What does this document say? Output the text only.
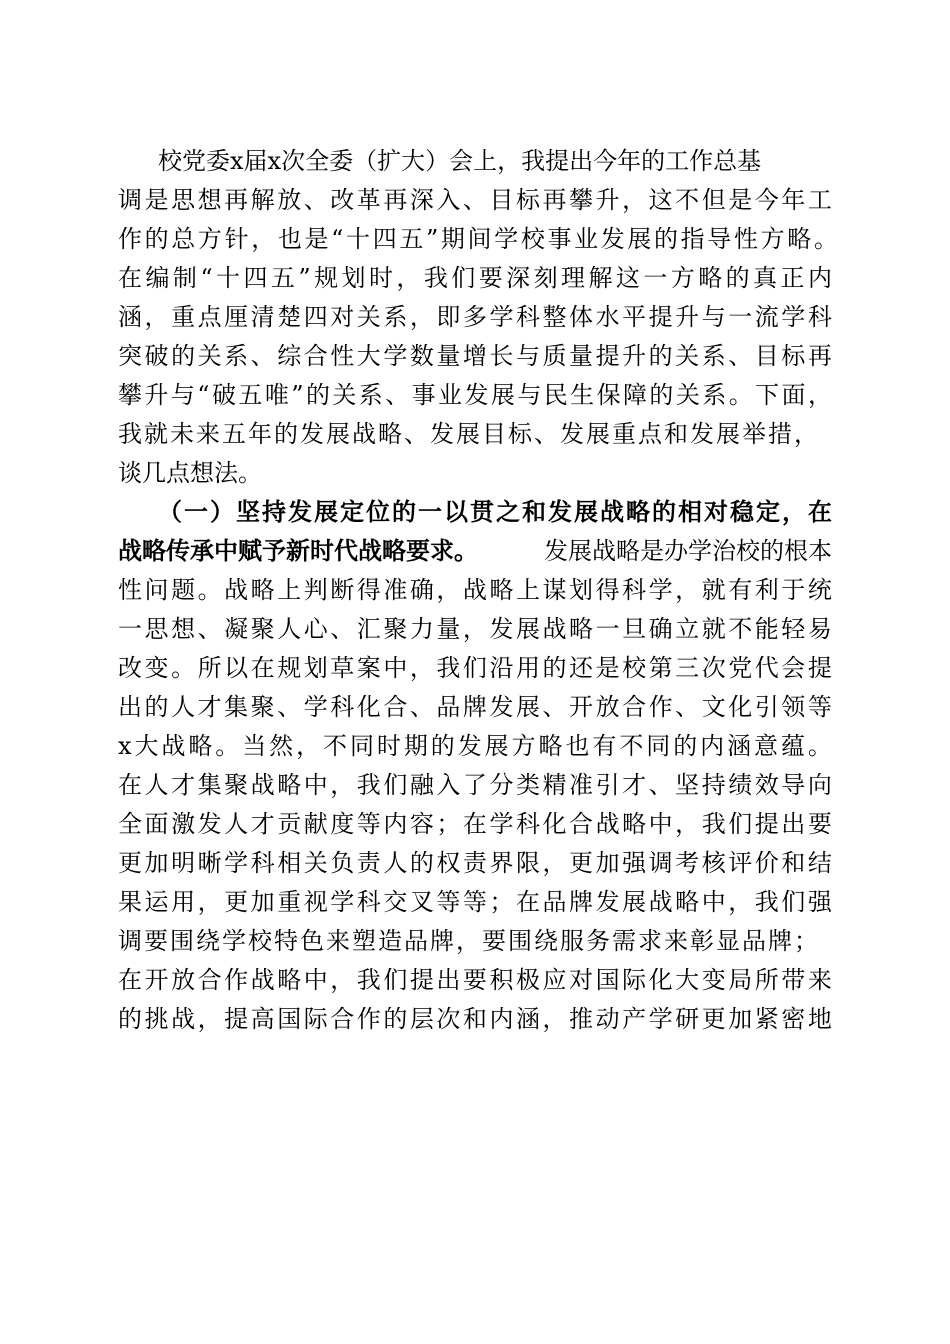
校党委x届x次全委（扩大）会上，我提出今年的工作总基
调 是 思 想 再 解 放 、 改 革 再 深 入 、 目 标 再 攀 升 ， 这 不 但 是 今 年 工
作 的 总 方 针 ， 也 是 “ 十 四 五 ” 期 间 学 校 事 业 发 展 的 指 导 性 方 略 。
在 编 制 “ 十 四 五 ” 规 划 时 ， 我 们 要 深 刻 理 解 这 一 方 略 的 真 正 内
涵 ， 重 点 厘 清 楚 四 对 关 系 ， 即 多 学 科 整 体 水 平 提 升 与 一 流 学 科
突 破 的 关 系 、 综 合 性 大 学 数 量 增 长 与 质 量 提 升 的 关 系 、 目 标 再
攀 升 与 “ 破 五 唯 ” 的 关 系 、 事 业 发 展 与 民 生 保 障 的 关 系 。 下 面 ，
我 就 未 来 五 年 的 发 展 战 略 、 发 展 目 标 、 发 展 重 点 和 发 展 举 措 ，
谈几点想法。
（ 一 ） 坚 持 发 展 定 位 的 一 以 贯 之 和 发 展 战 略 的 相 对 稳 定 ， 在
战略传承中赋予新时代战略要求。	发展战略是办学治校的根本
性 问 题 。 战 略 上 判 断 得 准 确 ， 战 略 上 谋 划 得 科 学 ， 就 有 利 于 统
一 思 想 、 凝 聚 人 心 、 汇 聚 力 量 ， 发 展 战 略 一 旦 确 立 就 不 能 轻 易
改 变 。 所 以 在 规 划 草 案 中 ， 我 们 沿 用 的 还 是 校 第 三 次 党 代 会 提
出 的 人 才 集 聚 、 学 科 化 合 、 品 牌 发 展 、 开 放 合 作 、 文 化 引 领 等
x 大 战 略 。 当 然 ， 不 同 时 期 的 发 展 方 略 也 有 不 同 的 内 涵 意 蕴 。
在 人 才 集 聚 战 略 中 ， 我 们 融 入 了 分 类 精 准 引 才 、 坚 持 绩 效 导 向
全 面 激 发 人 才 贡 献 度 等 内 容 ； 在 学 科 化 合 战 略 中 ， 我 们 提 出 要
更 加 明 晰 学 科 相 关 负 责 人 的 权 责 界 限 ， 更 加 强 调 考 核 评 价 和 结
果 运 用 ， 更 加 重 视 学 科 交 叉 等 等 ； 在 品 牌 发 展 战 略 中 ， 我 们 强
调 要 围 绕 学 校 特 色 来 塑 造 品 牌 ， 要 围 绕 服 务 需 求 来 彰 显 品 牌 ；
在 开 放 合 作 战 略 中 ， 我 们 提 出 要 积 极 应 对 国 际 化 大 变 局 所 带 来
的 挑 战 ， 提 高 国 际 合 作 的 层 次 和 内 涵 ， 推 动 产 学 研 更 加 紧 密 地
